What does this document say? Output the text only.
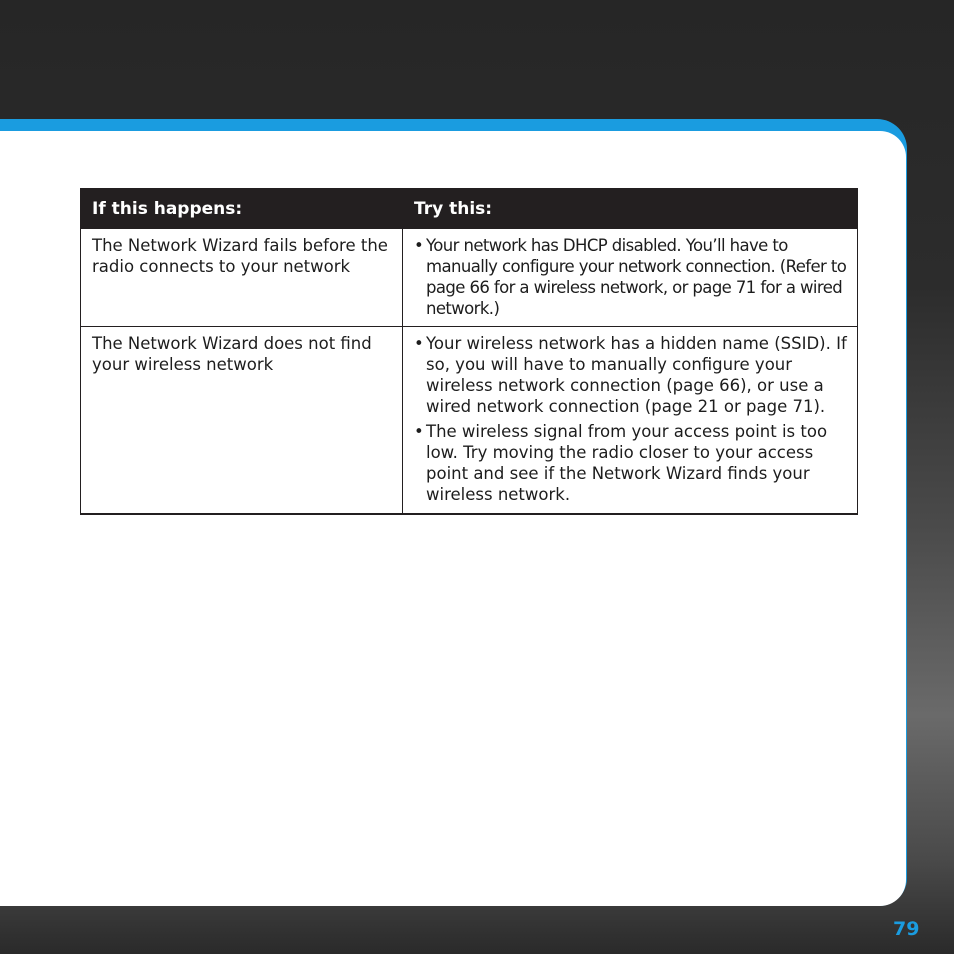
If this happens:	Try this:
The Network Wizard fails before the radio connects to your network	• Your network has DHCP disabled. You’ll have to manually configure your network connection. (Refer to page 66 for a wireless network, or page 71 for a wired network.)

The Network Wizard does not find your wireless network	• Your wireless network has a hidden name (SSID). If so, you will have to manually configure your wireless network connection (page 66), or use a wired network connection (page 21 or page 71).
• The wireless signal from your access point is too low. Try moving the radio closer to your access point and see if the Network Wizard finds your wireless network.
79
